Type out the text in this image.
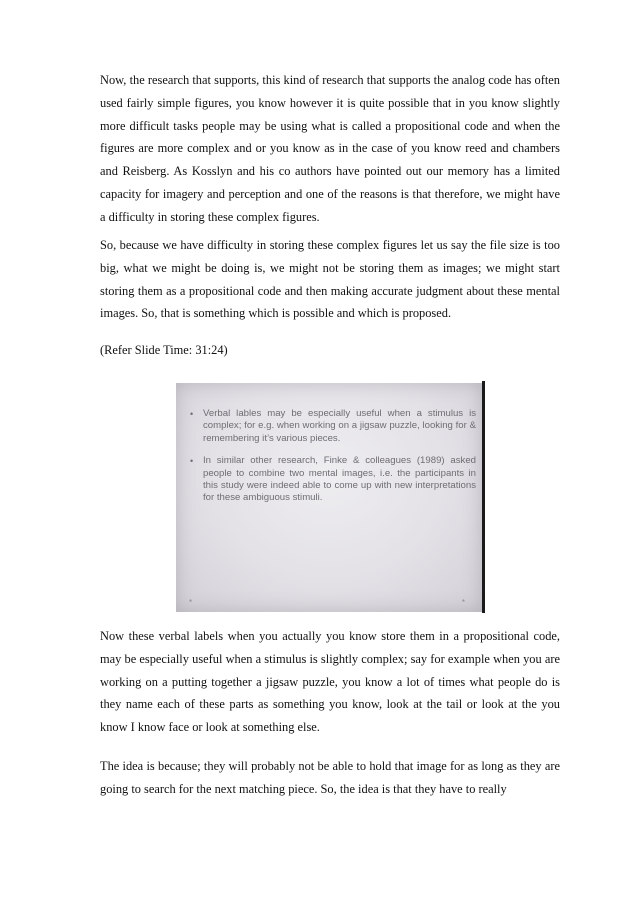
Now, the research that supports, this kind of research that supports the analog code has often used fairly simple figures, you know however it is quite possible that in you know slightly more difficult tasks people may be using what is called a propositional code and when the figures are more complex and or you know as in the case of you know reed and chambers and Reisberg. As Kosslyn and his co authors have pointed out our memory has a limited capacity for imagery and perception and one of the reasons is that therefore, we might have a difficulty in storing these complex figures.

So, because we have difficulty in storing these complex figures let us say the file size is too big, what we might be doing is, we might not be storing them as images; we might start storing them as a propositional code and then making accurate judgment about these mental images. So, that is something which is possible and which is proposed.

(Refer Slide Time: 31:24)

• Verbal lables may be especially useful when a stimulus is complex; for e.g. when working on a jigsaw puzzle, looking for & remembering it’s various pieces.
• In similar other research, Finke & colleagues (1989) asked people to combine two mental images, i.e. the participants in this study were indeed able to come up with new interpretations for these ambiguous stimuli.
*	*

Now these verbal labels when you actually you know store them in a propositional code, may be especially useful when a stimulus is slightly complex; say for example when you are working on a putting together a jigsaw puzzle, you know a lot of times what people do is they name each of these parts as something you know, look at the tail or look at the you know I know face or look at something else.

The idea is because; they will probably not be able to hold that image for as long as they are going to search for the next matching piece. So, the idea is that they have to really
